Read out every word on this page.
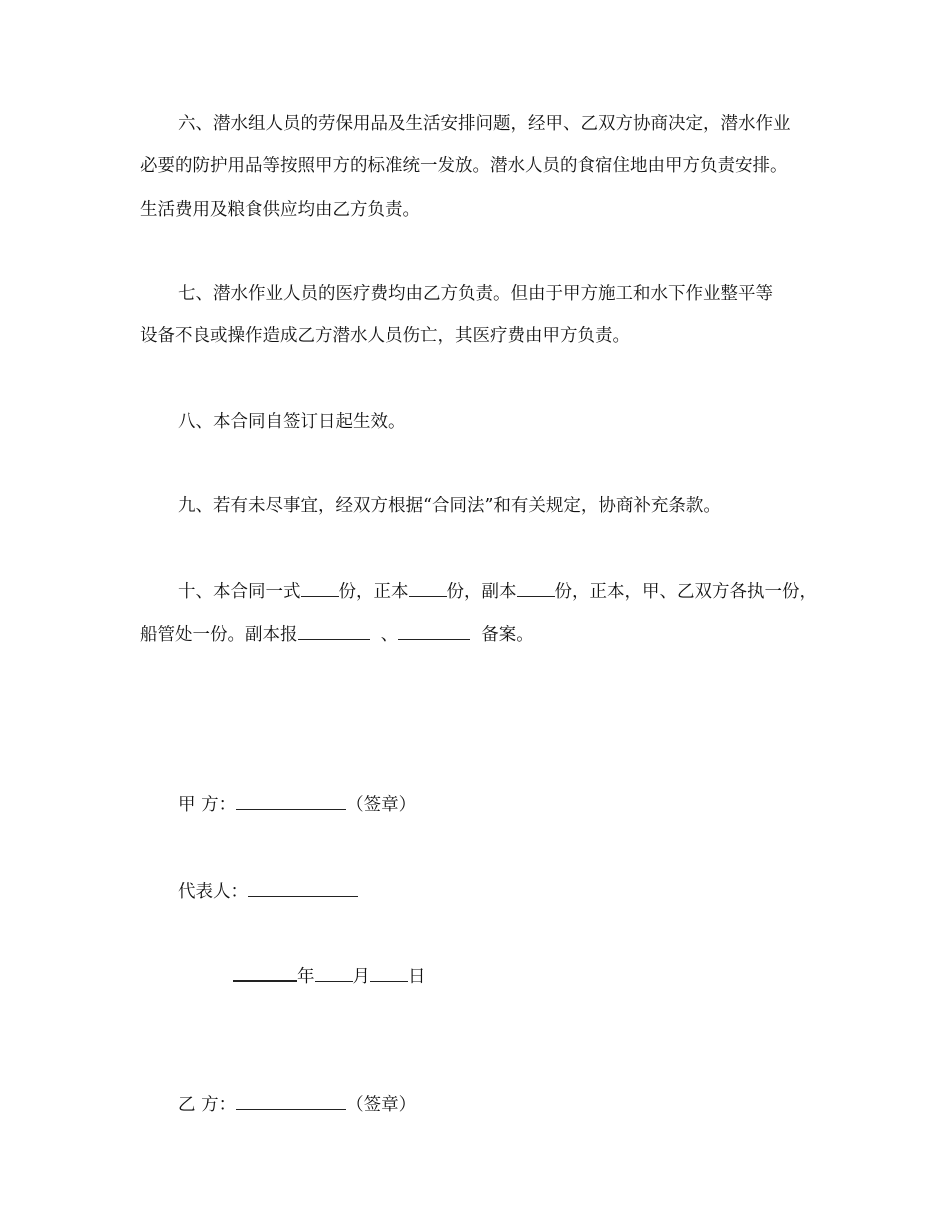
六、潜水组人员的劳保用品及生活安排问题，经甲、乙双方协商决定，潜水作业
必要的防护用品等按照甲方的标准统一发放。潜水人员的食宿住地由甲方负责安排。
生活费用及粮食供应均由乙方负责。
七、潜水作业人员的医疗费均由乙方负责。但由于甲方施工和水下作业整平等
设备不良或操作造成乙方潜水人员伤亡，其医疗费由甲方负责。
八、本合同自签订日起生效。
九、若有未尽事宜，经双方根据“合同法”和有关规定，协商补充条款。
十、本合同一式 份，正本 份，副本 份，正本，甲、乙双方各执一份，
船管处一份。副本报	、	备案。
甲 方：	（签章）
代表人：
年 月 日
乙 方：	（签章）
